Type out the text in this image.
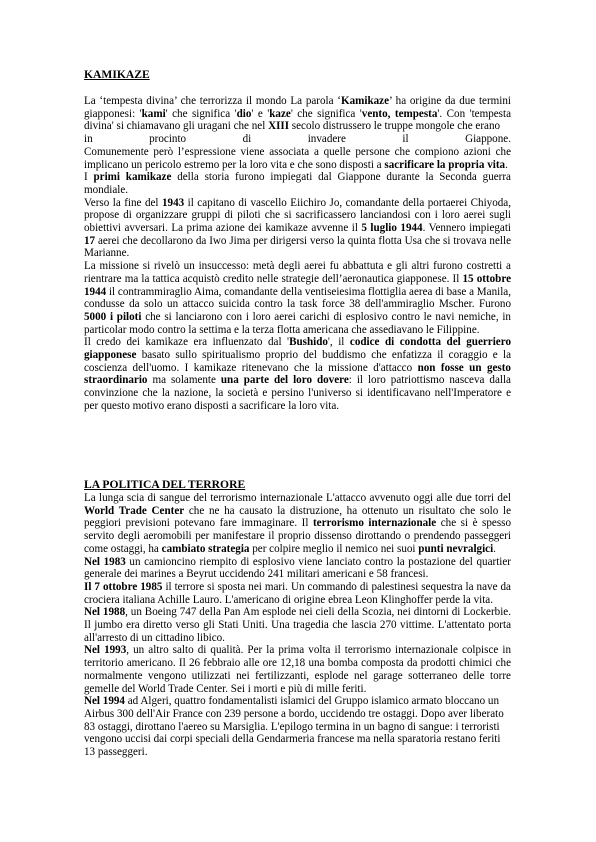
KAMIKAZE

La ‘tempesta divina’ che terrorizza il mondo La parola ‘Kamikaze’ ha origine da due termini giapponesi: 'kami' che significa 'dio' e 'kaze' che significa 'vento, tempesta'. Con 'tempesta divina' si chiamavano gli uragani che nel XIII secolo distrussero le truppe mongole che erano

in	procinto	di	invadere	il	Giappone.

Comunemente però l’espressione viene associata a quelle persone che compiono azioni che implicano un pericolo estremo per la loro vita e che sono disposti a sacrificare la propria vita.

I primi kamikaze della storia furono impiegati dal Giappone durante la Seconda guerra mondiale.

Verso la fine del 1943 il capitano di vascello Eiichiro Jo, comandante della portaerei Chiyoda, propose di organizzare gruppi di piloti che si sacrificassero lanciandosi con i loro aerei sugli obiettivi avversari. La prima azione dei kamikaze avvenne il 5 luglio 1944. Vennero impiegati 17 aerei che decollarono da Iwo Jima per dirigersi verso la quinta flotta Usa che si trovava nelle Marianne.

La missione si rivelò un insuccesso: metà degli aerei fu abbattuta e gli altri furono costretti a rientrare ma la tattica acquistò credito nelle strategie dell’aeronautica giapponese. Il 15 ottobre 1944 il contrammiraglio Aima, comandante della ventiseiesima flottiglia aerea di base a Manila, condusse da solo un attacco suicida contro la task force 38 dell'ammiraglio Mscher. Furono 5000 i piloti che si lanciarono con i loro aerei carichi di esplosivo contro le navi nemiche, in particolar modo contro la settima e la terza flotta americana che assediavano le Filippine.

Il credo dei kamikaze era influenzato dal 'Bushido', il codice di condotta del guerriero giapponese basato sullo spiritualismo proprio del buddismo che enfatizza il coraggio e la coscienza dell'uomo. I kamikaze ritenevano che la missione d'attacco non fosse un gesto straordinario ma solamente una parte del loro dovere: il loro patriottismo nasceva dalla convinzione che la nazione, la società e persino l'universo si identificavano nell'Imperatore e per questo motivo erano disposti a sacrificare la loro vita.

LA POLITICA DEL TERRORE

La lunga scia di sangue del terrorismo internazionale L'attacco avvenuto oggi alle due torri del World Trade Center che ne ha causato la distruzione, ha ottenuto un risultato che solo le peggiori previsioni potevano fare immaginare. Il terrorismo internazionale che si è spesso servito degli aeromobili per manifestare il proprio dissenso dirottando o prendendo passeggeri come ostaggi, ha cambiato strategia per colpire meglio il nemico nei suoi punti nevralgici.

Nel 1983 un camioncino riempito di esplosivo viene lanciato contro la postazione del quartier generale dei marines a Beyrut uccidendo 241 militari americani e 58 francesi.

Il 7 ottobre 1985 il terrore si sposta nei mari. Un commando di palestinesi sequestra la nave da crociera italiana Achille Lauro. L'americano di origine ebrea Leon Klinghoffer perde la vita.

Nel 1988, un Boeing 747 della Pan Am esplode nei cieli della Scozia, nei dintorni di Lockerbie. Il jumbo era diretto verso gli Stati Uniti. Una tragedia che lascia 270 vittime. L'attentato porta all'arresto di un cittadino libico.

Nel 1993, un altro salto di qualità. Per la prima volta il terrorismo internazionale colpisce in territorio americano. Il 26 febbraio alle ore 12,18 una bomba composta da prodotti chimici che normalmente vengono utilizzati nei fertilizzanti, esplode nel garage sotterraneo delle torre gemelle del World Trade Center. Sei i morti e più di mille feriti.

Nel 1994 ad Algeri, quattro fondamentalisti islamici del Gruppo islamico armato bloccano un Airbus 300 dell'Air France con 239 persone a bordo, uccidendo tre ostaggi. Dopo aver liberato 83 ostaggi, dirottano l'aereo su Marsiglia. L'epilogo termina in un bagno di sangue: i terroristi vengono uccisi dai corpi speciali della Gendarmeria francese ma nella sparatoria restano feriti 13 passeggeri.
